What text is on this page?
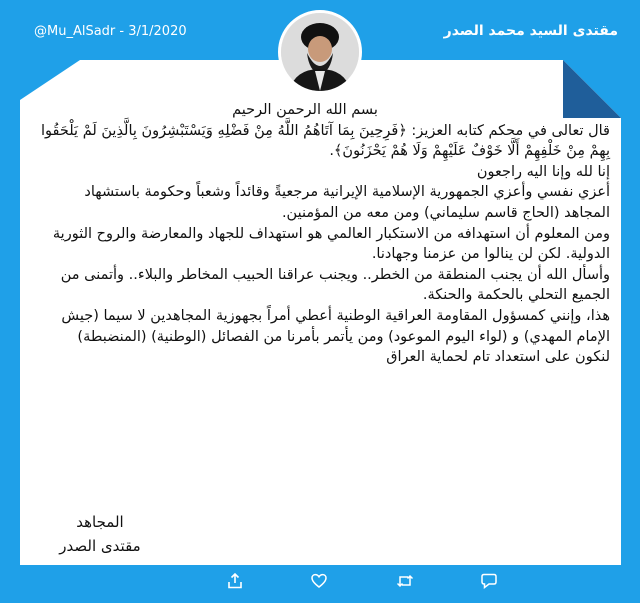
@Mu_AlSadr - 3/1/2020	مقتدى السيد محمد الصدر

بسم الله الرحمن الرحيم

قال تعالى في محكم كتابه العزيز: ﴿فَرِحِينَ بِمَا آتَاهُمُ اللَّهُ مِنْ فَضْلِهِ وَيَسْتَبْشِرُونَ بِالَّذِينَ لَمْ يَلْحَقُوا بِهِمْ مِنْ خَلْفِهِمْ أَلَّا خَوْفٌ عَلَيْهِمْ وَلَا هُمْ يَحْزَنُونَ﴾.

إنا لله وإنا اليه راجعون

أعزي نفسي وأعزي الجمهورية الإسلامية الإيرانية مرجعيةً وقائداً وشعباً وحكومة باستشهاد المجاهد (الحاج قاسم سليماني) ومن معه من المؤمنين.

ومن المعلوم أن استهدافه من الاستكبار العالمي هو استهداف للجهاد والمعارضة والروح الثورية الدولية. لكن لن ينالوا من عزمنا وجهادنا.

وأسأل الله أن يجنب المنطقة من الخطر.. ويجنب عراقنا الحبيب المخاطر والبلاء.. وأتمنى من الجميع التحلي بالحكمة والحنكة.

هذا، وإنني كمسؤول المقاومة العراقية الوطنية أعطي أمراً بجهوزية المجاهدين لا سيما (جيش الإمام المهدي) و (لواء اليوم الموعود) ومن يأتمر بأمرنا من الفصائل (الوطنية) (المنضبطة) لنكون على استعداد تام لحماية العراق

المجاهد
مقتدى الصدر
